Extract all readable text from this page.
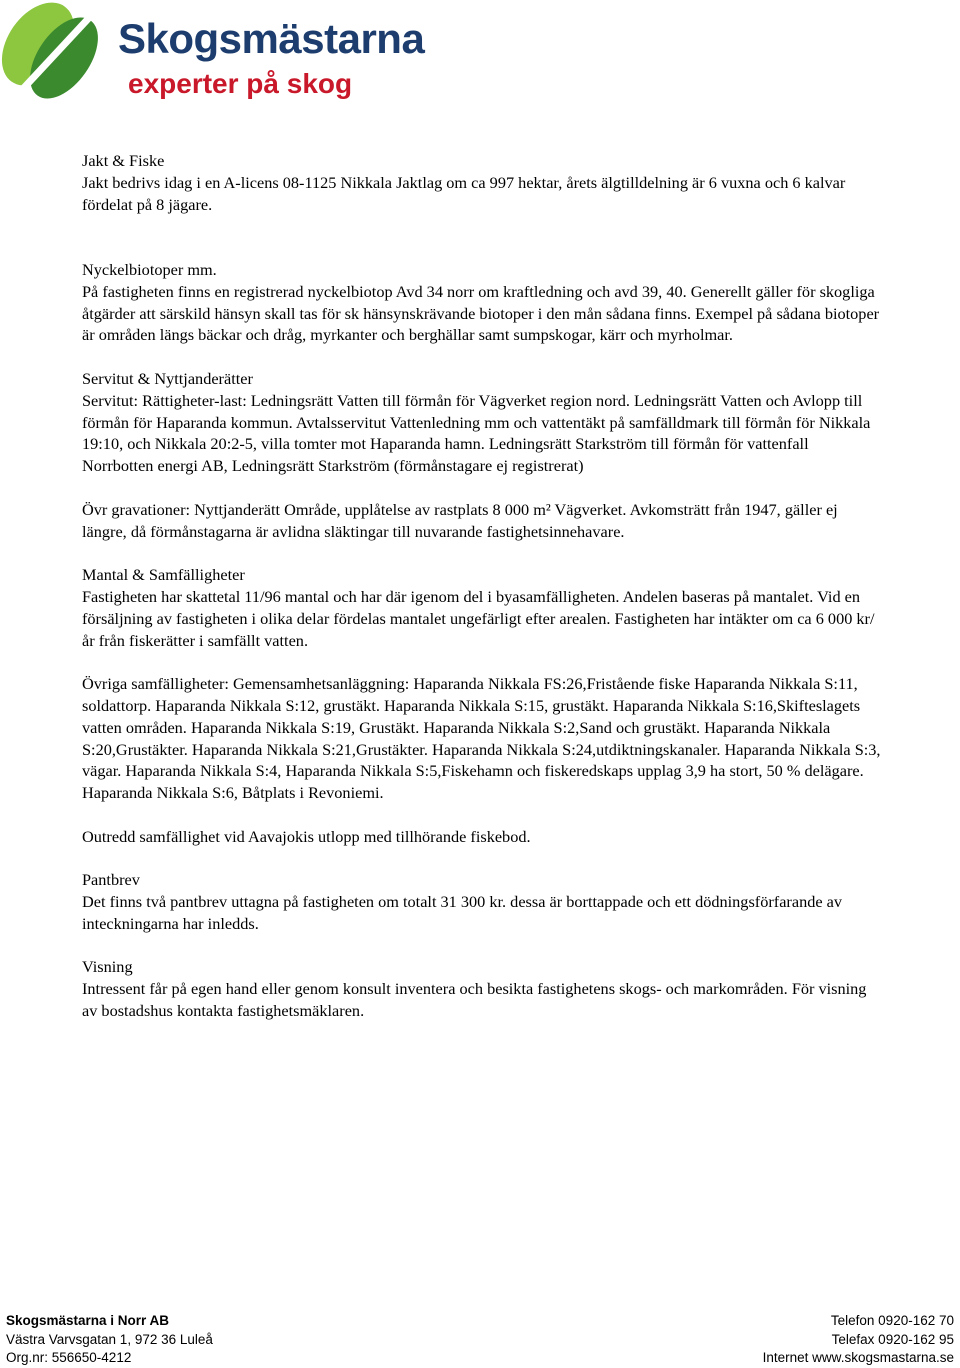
Skogsmästarna
experter på skog
Jakt & Fiske

Jakt bedrivs idag i en A-licens 08-1125 Nikkala Jaktlag om ca 997 hektar, årets älgtilldelning är 6 vuxna och 6 kalvar fördelat på 8 jägare.

Nyckelbiotoper mm.

På fastigheten finns en registrerad nyckelbiotop Avd 34 norr om kraftledning och avd 39, 40. Generellt gäller för skogliga åtgärder att särskild hänsyn skall tas för sk hänsynskrävande biotoper i den mån sådana finns. Exempel på sådana biotoper är områden längs bäckar och dråg, myrkanter och berghällar samt sumpskogar, kärr och myrholmar.

Servitut & Nyttjanderätter

Servitut: Rättigheter-last: Ledningsrätt Vatten till förmån för Vägverket region nord. Ledningsrätt Vatten och Avlopp till förmån för Haparanda kommun. Avtalsservitut Vattenledning mm och vattentäkt på samfälldmark till förmån för Nikkala 19:10, och Nikkala 20:2-5, villa tomter mot Haparanda hamn. Ledningsrätt Starkström till förmån för vattenfall Norrbotten energi AB, Ledningsrätt Starkström (förmånstagare ej registrerat)

Övr gravationer: Nyttjanderätt Område, upplåtelse av rastplats 8 000 m² Vägverket. Avkomsträtt från 1947, gäller ej längre, då förmånstagarna är avlidna släktingar till nuvarande fastighetsinnehavare.

Mantal & Samfälligheter

Fastigheten har skattetal 11/96 mantal och har där igenom del i byasamfälligheten. Andelen baseras på mantalet. Vid en försäljning av fastigheten i olika delar fördelas mantalet ungefärligt efter arealen. Fastigheten har intäkter om ca 6 000 kr/år från fiskerätter i samfällt vatten.

Övriga samfälligheter: Gemensamhetsanläggning: Haparanda Nikkala FS:26,Fristående fiske Haparanda Nikkala S:11, soldattorp. Haparanda Nikkala S:12, grustäkt. Haparanda Nikkala S:15, grustäkt. Haparanda Nikkala S:16,Skifteslagets vatten områden. Haparanda Nikkala S:19, Grustäkt. Haparanda Nikkala S:2,Sand och grustäkt. Haparanda Nikkala S:20,Grustäkter. Haparanda Nikkala S:21,Grustäkter. Haparanda Nikkala S:24,utdiktningskanaler. Haparanda Nikkala S:3, vägar. Haparanda Nikkala S:4, Haparanda Nikkala S:5,Fiskehamn och fiskeredskaps upplag 3,9 ha stort, 50 % delägare. Haparanda Nikkala S:6, Båtplats i Revoniemi.

Outredd samfällighet vid Aavajokis utlopp med tillhörande fiskebod.

Pantbrev

Det finns två pantbrev uttagna på fastigheten om totalt 31 300 kr. dessa är borttappade och ett dödningsförfarande av inteckningarna har inledds.

Visning

Intressent får på egen hand eller genom konsult inventera och besikta fastighetens skogs- och markområden. För visning av bostadshus kontakta fastighetsmäklaren.

Skogsmästarna i Norr AB	Telefon 0920-162 70
Västra Varvsgatan 1, 972 36 Luleå	Telefax 0920-162 95
Org.nr: 556650-4212	Internet www.skogsmastarna.se
